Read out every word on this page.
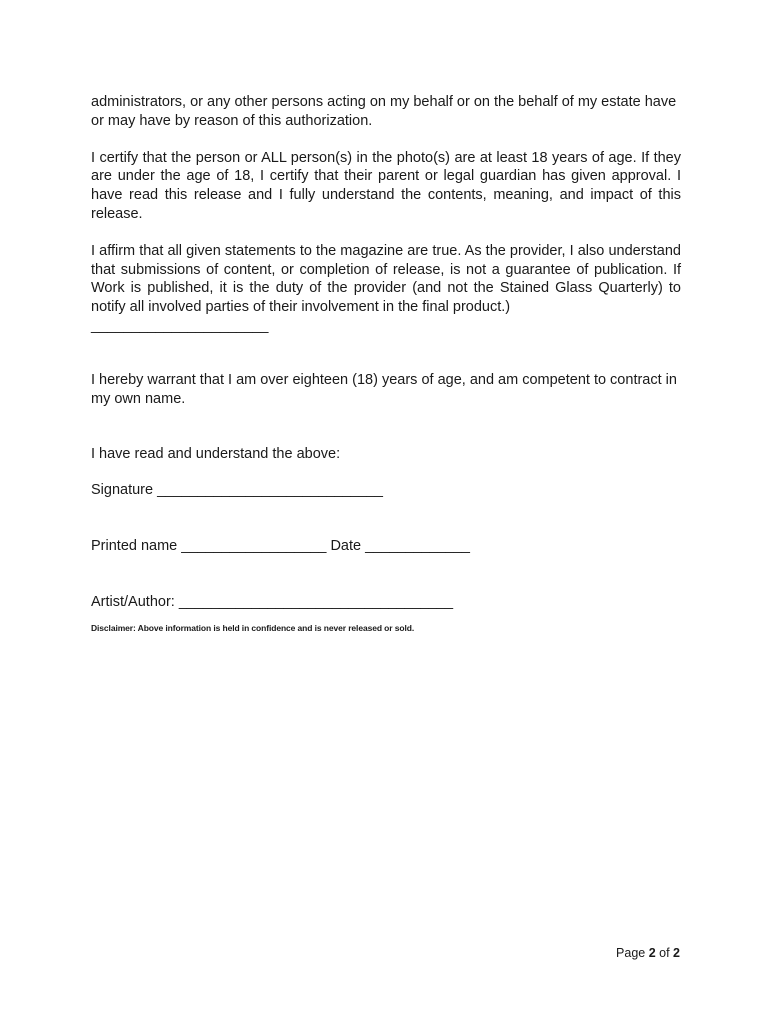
administrators, or any other persons acting on my behalf or on the behalf of my estate have or may have by reason of this authorization.

I certify that the person or ALL person(s) in the photo(s) are at least 18 years of age. If they are under the age of 18, I certify that their parent or legal guardian has given approval. I have read this release and I fully understand the contents, meaning, and impact of this release.

I affirm that all given statements to the magazine are true. As the provider, I also understand that submissions of content, or completion of release, is not a guarantee of publication. If Work is published, it is the duty of the provider (and not the Stained Glass Quarterly) to notify all involved parties of their involvement in the final product.)

______________________

I hereby warrant that I am over eighteen (18) years of age, and am competent to contract in my own name.

I have read and understand the above:

Signature ____________________________

Printed name __________________ Date _____________

Artist/Author: __________________________________

Disclaimer: Above information is held in confidence and is never released or sold.

Page 2 of 2
